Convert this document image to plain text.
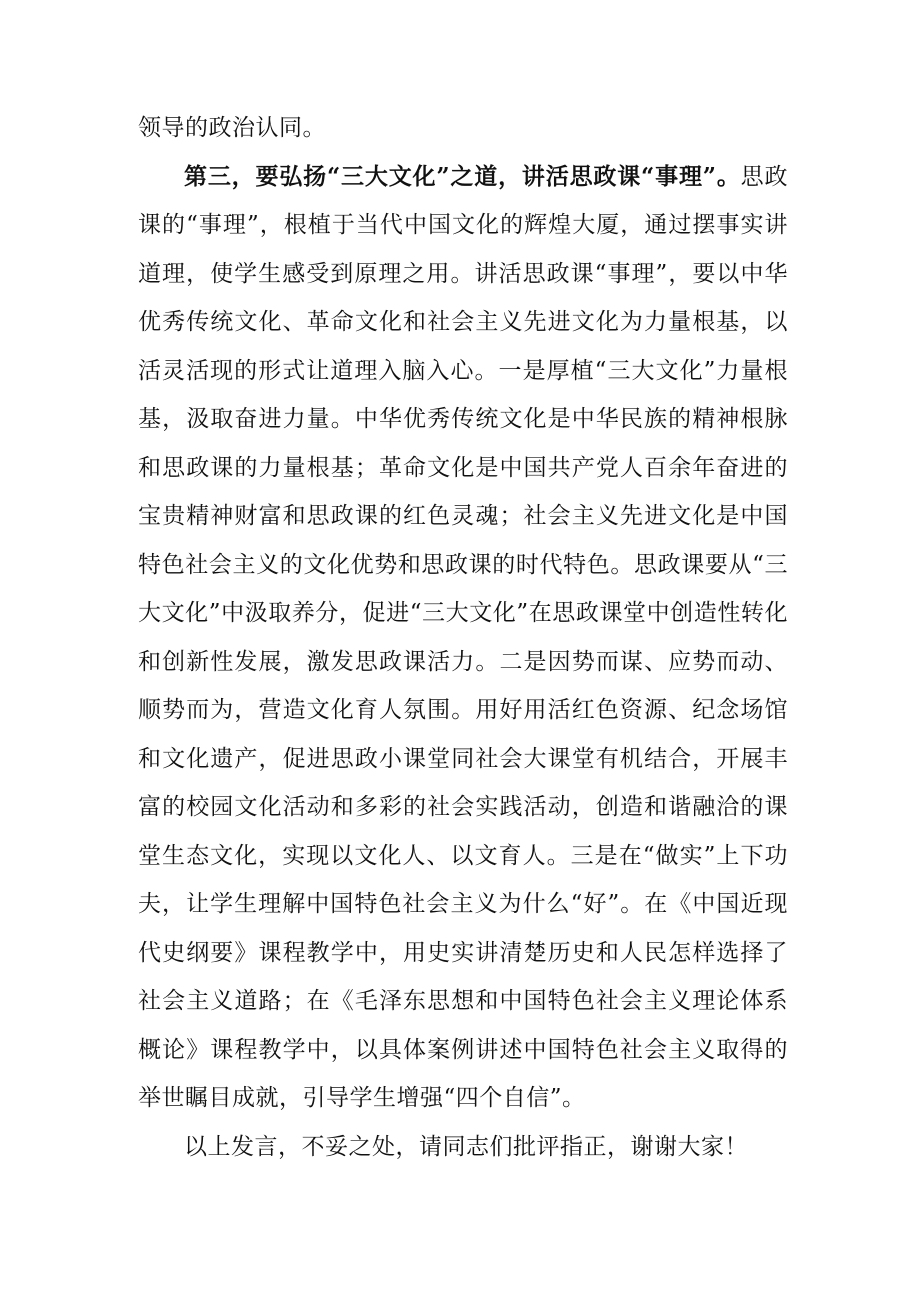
领导的政治认同。

第三，要弘扬“三大文化”之道，讲活思政课“事理”。思政课的“事理”，根植于当代中国文化的辉煌大厦，通过摆事实讲道理，使学生感受到原理之用。讲活思政课“事理”，要以中华优秀传统文化、革命文化和社会主义先进文化为力量根基，以活灵活现的形式让道理入脑入心。一是厚植“三大文化”力量根基，汲取奋进力量。中华优秀传统文化是中华民族的精神根脉和思政课的力量根基；革命文化是中国共产党人百余年奋进的宝贵精神财富和思政课的红色灵魂；社会主义先进文化是中国特色社会主义的文化优势和思政课的时代特色。思政课要从“三大文化”中汲取养分，促进“三大文化”在思政课堂中创造性转化和创新性发展，激发思政课活力。二是因势而谋、应势而动、顺势而为，营造文化育人氛围。用好用活红色资源、纪念场馆和文化遗产，促进思政小课堂同社会大课堂有机结合，开展丰富的校园文化活动和多彩的社会实践活动，创造和谐融洽的课堂生态文化，实现以文化人、以文育人。三是在“做实”上下功夫，让学生理解中国特色社会主义为什么“好”。在《中国近现代史纲要》课程教学中，用史实讲清楚历史和人民怎样选择了社会主义道路；在《毛泽东思想和中国特色社会主义理论体系概论》课程教学中，以具体案例讲述中国特色社会主义取得的举世瞩目成就，引导学生增强“四个自信”。

以上发言，不妥之处，请同志们批评指正，谢谢大家！
